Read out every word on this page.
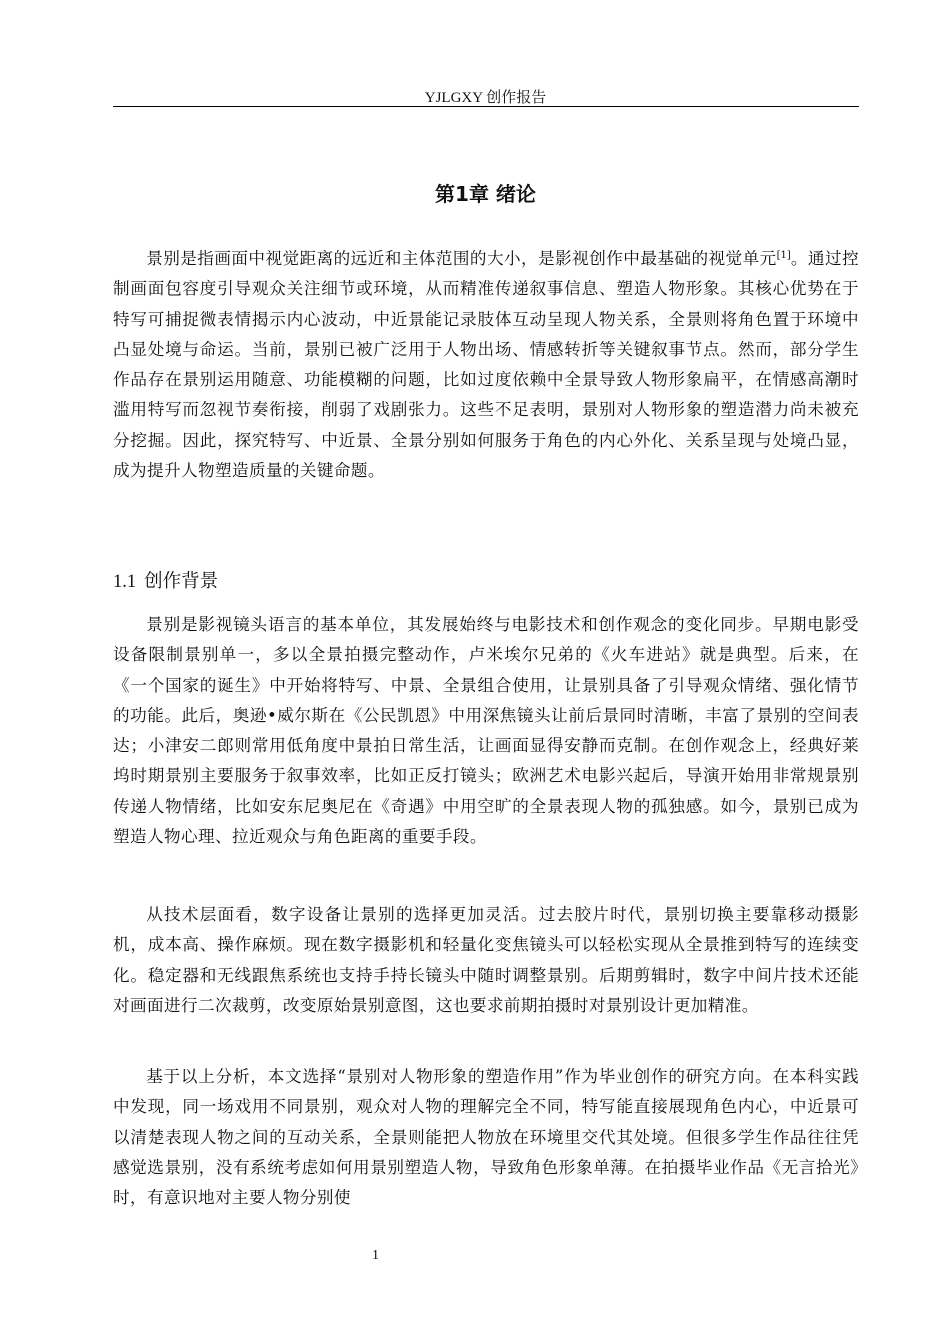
YJLGXY 创作报告
第1章 绪论

景别是指画面中视觉距离的远近和主体范围的大小，是影视创作中最基础的视觉单元[1]。通过控制画面包容度引导观众关注细节或环境，从而精准传递叙事信息、塑造人物形象。其核心优势在于特写可捕捉微表情揭示内心波动，中近景能记录肢体互动呈现人物关系，全景则将角色置于环境中凸显处境与命运。当前，景别已被广泛用于人物出场、情感转折等关键叙事节点。然而，部分学生作品存在景别运用随意、功能模糊的问题，比如过度依赖中全景导致人物形象扁平，在情感高潮时滥用特写而忽视节奏衔接，削弱了戏剧张力。这些不足表明，景别对人物形象的塑造潜力尚未被充分挖掘。因此，探究特写、中近景、全景分别如何服务于角色的内心外化、关系呈现与处境凸显，成为提升人物塑造质量的关键命题。

1.1 创作背景

景别是影视镜头语言的基本单位，其发展始终与电影技术和创作观念的变化同步。早期电影受设备限制景别单一，多以全景拍摄完整动作，卢米埃尔兄弟的《火车进站》就是典型。后来，在《一个国家的诞生》中开始将特写、中景、全景组合使用，让景别具备了引导观众情绪、强化情节的功能。此后，奥逊•威尔斯在《公民凯恩》中用深焦镜头让前后景同时清晰，丰富了景别的空间表达；小津安二郎则常用低角度中景拍日常生活，让画面显得安静而克制。在创作观念上，经典好莱坞时期景别主要服务于叙事效率，比如正反打镜头；欧洲艺术电影兴起后，导演开始用非常规景别传递人物情绪，比如安东尼奥尼在《奇遇》中用空旷的全景表现人物的孤独感。如今，景别已成为塑造人物心理、拉近观众与角色距离的重要手段。

从技术层面看，数字设备让景别的选择更加灵活。过去胶片时代，景别切换主要靠移动摄影机，成本高、操作麻烦。现在数字摄影机和轻量化变焦镜头可以轻松实现从全景推到特写的连续变化。稳定器和无线跟焦系统也支持手持长镜头中随时调整景别。后期剪辑时，数字中间片技术还能对画面进行二次裁剪，改变原始景别意图，这也要求前期拍摄时对景别设计更加精准。

基于以上分析，本文选择“景别对人物形象的塑造作用”作为毕业创作的研究方向。在本科实践中发现，同一场戏用不同景别，观众对人物的理解完全不同，特写能直接展现角色内心，中近景可以清楚表现人物之间的互动关系，全景则能把人物放在环境里交代其处境。但很多学生作品往往凭感觉选景别，没有系统考虑如何用景别塑造人物，导致角色形象单薄。在拍摄毕业作品《无言拾光》时，有意识地对主要人物分别使

1
